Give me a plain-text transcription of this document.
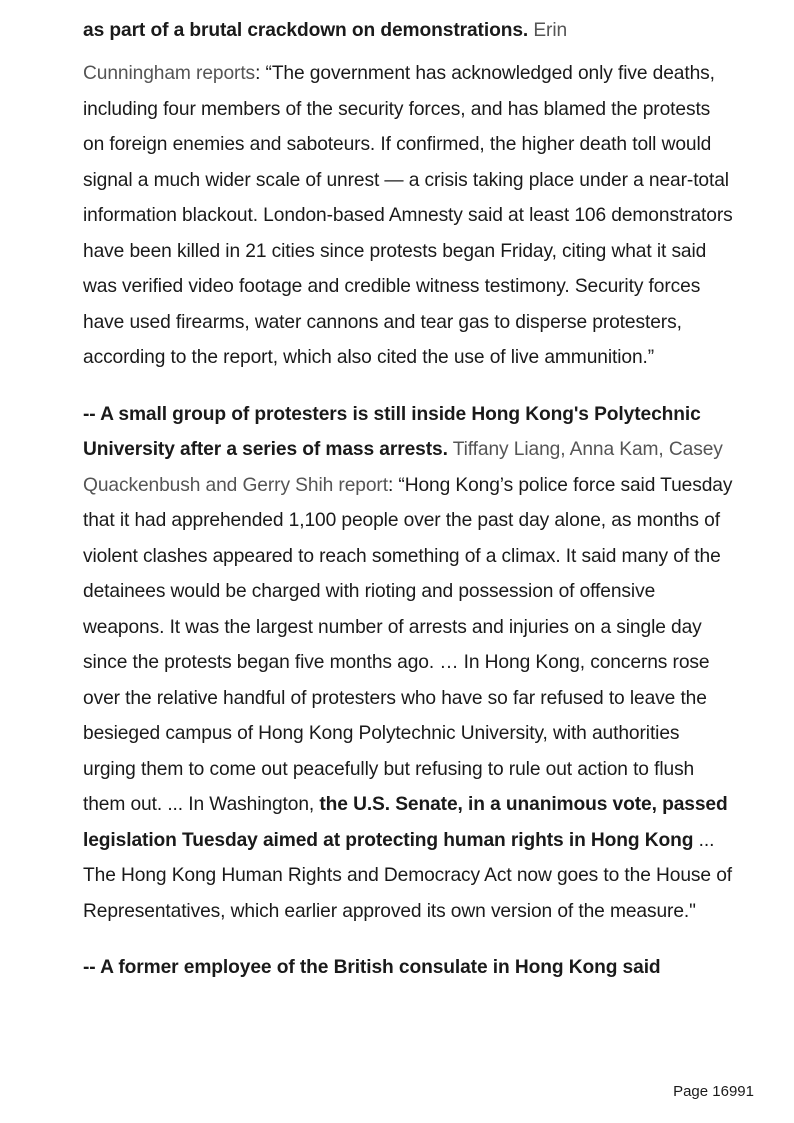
as part of a brutal crackdown on demonstrations. Erin

Cunningham reports: “The government has acknowledged only five deaths, including four members of the security forces, and has blamed the protests on foreign enemies and saboteurs. If confirmed, the higher death toll would signal a much wider scale of unrest — a crisis taking place under a near-total information blackout. London-based Amnesty said at least 106 demonstrators have been killed in 21 cities since protests began Friday, citing what it said was verified video footage and credible witness testimony. Security forces have used firearms, water cannons and tear gas to disperse protesters, according to the report, which also cited the use of live ammunition.”

-- A small group of protesters is still inside Hong Kong's Polytechnic University after a series of mass arrests. Tiffany Liang, Anna Kam, Casey Quackenbush and Gerry Shih report: “Hong Kong’s police force said Tuesday that it had apprehended 1,100 people over the past day alone, as months of violent clashes appeared to reach something of a climax. It said many of the detainees would be charged with rioting and possession of offensive weapons. It was the largest number of arrests and injuries on a single day since the protests began five months ago. … In Hong Kong, concerns rose over the relative handful of protesters who have so far refused to leave the besieged campus of Hong Kong Polytechnic University, with authorities urging them to come out peacefully but refusing to rule out action to flush them out. ... In Washington, the U.S. Senate, in a unanimous vote, passed legislation Tuesday aimed at protecting human rights in Hong Kong ... The Hong Kong Human Rights and Democracy Act now goes to the House of Representatives, which earlier approved its own version of the measure."

-- A former employee of the British consulate in Hong Kong said

Page 16991
